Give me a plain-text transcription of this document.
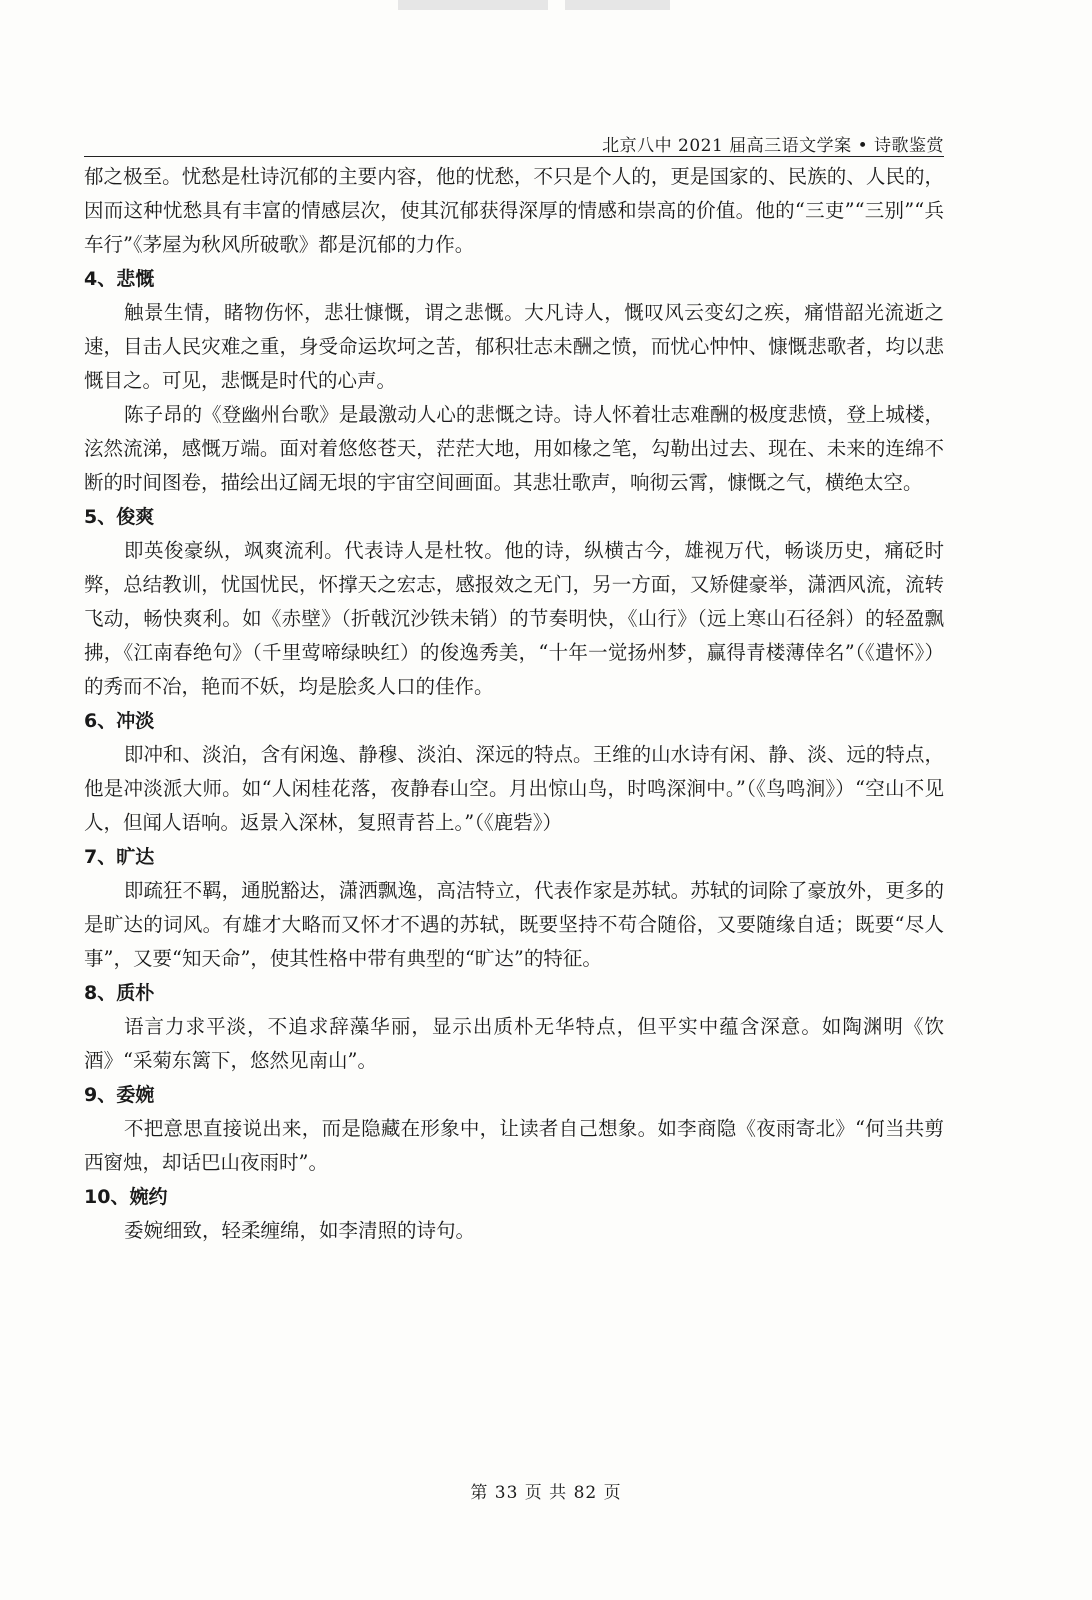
北京八中 2021 届高三语文学案 • 诗歌鉴赏

郁之极至。忧愁是杜诗沉郁的主要内容，他的忧愁，不只是个人的，更是国家的、民族的、人民的，因而这种忧愁具有丰富的情感层次，使其沉郁获得深厚的情感和崇高的价值。他的“三吏”“三别”“兵车行”《茅屋为秋风所破歌》都是沉郁的力作。

4、悲慨

触景生情，睹物伤怀，悲壮慷慨，谓之悲慨。大凡诗人，慨叹风云变幻之疾，痛惜韶光流逝之速，目击人民灾难之重，身受命运坎坷之苦，郁积壮志未酬之愤，而忧心忡忡、慷慨悲歌者，均以悲慨目之。可见，悲慨是时代的心声。

陈子昂的《登幽州台歌》是最激动人心的悲慨之诗。诗人怀着壮志难酬的极度悲愤，登上城楼，泫然流涕，感慨万端。面对着悠悠苍天，茫茫大地，用如椽之笔，勾勒出过去、现在、未来的连绵不断的时间图卷，描绘出辽阔无垠的宇宙空间画面。其悲壮歌声，响彻云霄，慷慨之气，横绝太空。

5、俊爽

即英俊豪纵，飒爽流利。代表诗人是杜牧。他的诗，纵横古今，雄视万代，畅谈历史，痛砭时弊，总结教训，忧国忧民，怀撑天之宏志，感报效之无门，另一方面，又矫健豪举，潇洒风流，流转飞动，畅快爽利。如《赤壁》（折戟沉沙铁未销）的节奏明快，《山行》（远上寒山石径斜）的轻盈飘拂，《江南春绝句》（千里莺啼绿映红）的俊逸秀美，“十年一觉扬州梦，赢得青楼薄倖名”（《遣怀》）的秀而不冶，艳而不妖，均是脍炙人口的佳作。

6、冲淡

即冲和、淡泊，含有闲逸、静穆、淡泊、深远的特点。王维的山水诗有闲、静、淡、远的特点，他是冲淡派大师。如“人闲桂花落，夜静春山空。月出惊山鸟，时鸣深涧中。”（《鸟鸣涧》）“空山不见人，但闻人语响。返景入深林，复照青苔上。”（《鹿砦》）

7、旷达

即疏狂不羁，通脱豁达，潇洒飘逸，高洁特立，代表作家是苏轼。苏轼的词除了豪放外，更多的是旷达的词风。有雄才大略而又怀才不遇的苏轼，既要坚持不苟合随俗，又要随缘自适；既要“尽人事”，又要“知天命”，使其性格中带有典型的“旷达”的特征。

8、质朴

语言力求平淡，不追求辞藻华丽，显示出质朴无华特点，但平实中蕴含深意。如陶渊明《饮酒》“采菊东篱下，悠然见南山”。

9、委婉

不把意思直接说出来，而是隐藏在形象中，让读者自己想象。如李商隐《夜雨寄北》“何当共剪西窗烛，却话巴山夜雨时”。

10、婉约

委婉细致，轻柔缠绵，如李清照的诗句。

第 33 页 共 82 页
